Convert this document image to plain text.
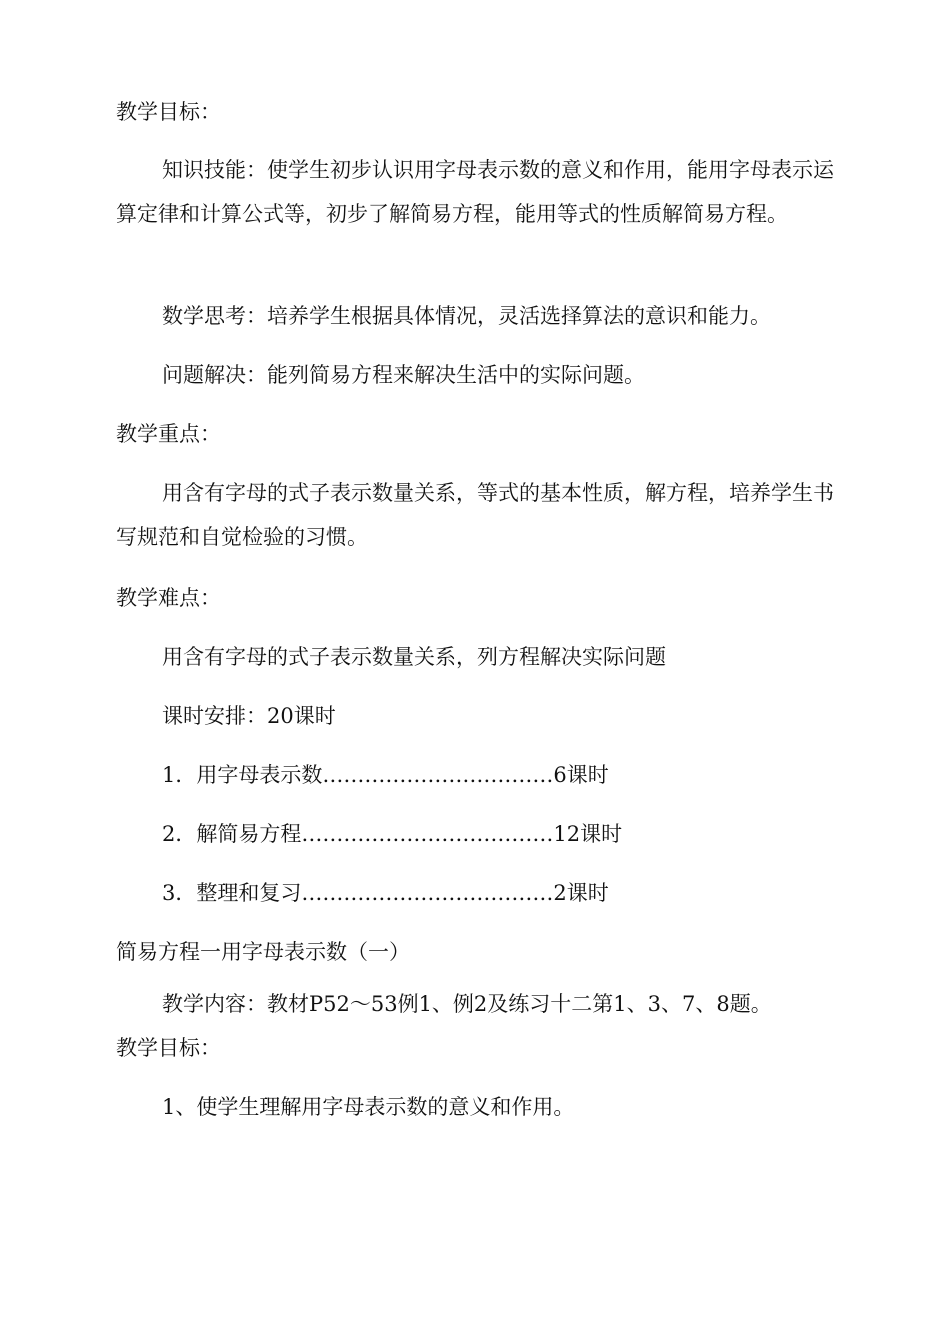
教学目标：
知识技能：使学生初步认识用字母表示数的意义和作用，能用字母表示运算定律和计算公式等，初步了解简易方程，能用等式的性质解简易方程。
数学思考：培养学生根据具体情况，灵活选择算法的意识和能力。
问题解决：能列简易方程来解决生活中的实际问题。
教学重点：
用含有字母的式子表示数量关系，等式的基本性质，解方程，培养学生书写规范和自觉检验的习惯。
教学难点：
用含有字母的式子表示数量关系，列方程解决实际问题
课时安排：20课时
1．用字母表示数……………………………6课时
2．解简易方程………………………………12课时
3．整理和复习………………………………2课时
简易方程一用字母表示数（一）
教学内容：教材P52～53例1、例2及练习十二第1、3、7、8题。
教学目标：
1、使学生理解用字母表示数的意义和作用。
